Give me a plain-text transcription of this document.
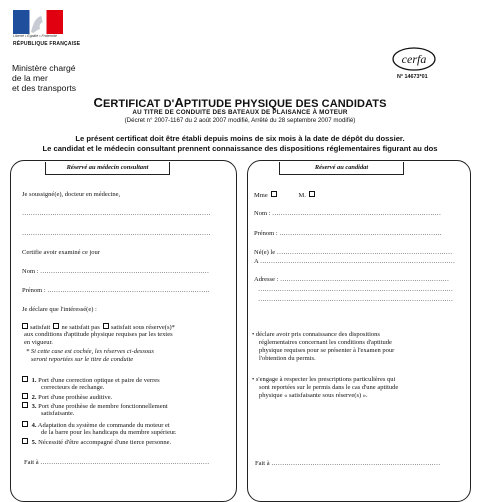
Liberté • Égalité • Fraternité
RÉPUBLIQUE FRANÇAISE
Ministère chargé
de la mer
et des transports
cerfa
N° 14673*01
CERTIFICAT D'APTITUDE PHYSIQUE DES CANDIDATS
AU TITRE DE CONDUITE DES BATEAUX DE PLAISANCE À MOTEUR
(Décret n° 2007-1167 du 2 août 2007 modifié, Arrêté du 28 septembre 2007 modifié)
Le présent certificat doit être établi depuis moins de six mois à la date de dépôt du dossier.
Le candidat et le médecin consultant prennent connaissance des dispositions réglementaires figurant au dos
Réservé au médecin consultant	Réservé au candidat
Je soussigné(e), docteur en médecine,
……………………………………………………………………………
……………………………………………………………………………
Certifie avoir examiné ce jour
Nom : ……………………………………………………………………
Prénom : …………………………………………………………………
Je déclare que l'intéressé(e) :
satisfait ne satisfait pas satisfait sous réserve(s)*
aux conditions d'aptitude physique requises par les textes
en vigueur.
* Si cette case est cochée, les réserves ci-dessous
seront reportées sur le titre de conduite
1. Port d'une correction optique et paire de verres
correcteurs de rechange.
2. Port d'une prothèse auditive.
3. Port d'une prothèse de membre fonctionnellement
satisfaisante.
4. Adaptation du système de commande du moteur et
de la barre pour les handicaps du membre supérieur.
5. Nécessité d'être accompagné d'une tierce personne.
Fait à ……………………………………………………………………
Mme	M.
Nom : ……………………………………………………………………
Prénom : …………………………………………………………………
Né(e) le ………………………………………………………………………
A ………………………………………………………………………………
Adresse : ……………………………………………………………………
………………………………………………………………………………
………………………………………………………………………………
• déclare avoir pris connaissance des dispositions
réglementaires concernant les conditions d'aptitude
physique requises pour se présenter à l'examen pour
l'obtention du permis.
• s'engage à respecter les prescriptions particulières qui
sont reportées sur le permis dans le cas d'une aptitude
physique « satisfaisante sous réserve(s) ».
Fait à ……………………………………………………………………
